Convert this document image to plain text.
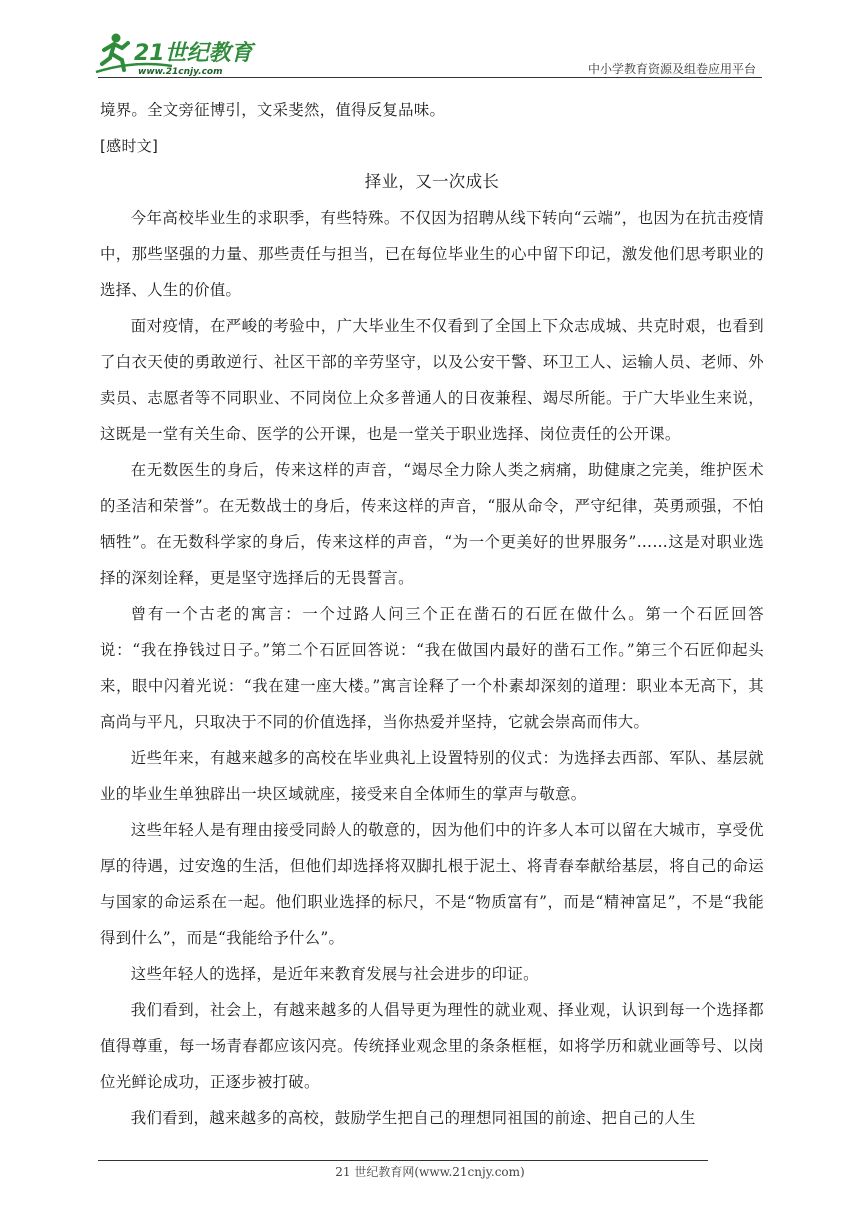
21世纪教育
www.21cnjy.com	中小学教育资源及组卷应用平台

境界。全文旁征博引，文采斐然，值得反复品味。

[感时文]

择业，又一次成长

今年高校毕业生的求职季，有些特殊。不仅因为招聘从线下转向“云端”，也因为在抗击疫情中，那些坚强的力量、那些责任与担当，已在每位毕业生的心中留下印记，激发他们思考职业的选择、人生的价值。

面对疫情，在严峻的考验中，广大毕业生不仅看到了全国上下众志成城、共克时艰，也看到了白衣天使的勇敢逆行、社区干部的辛劳坚守，以及公安干警、环卫工人、运输人员、老师、外卖员、志愿者等不同职业、不同岗位上众多普通人的日夜兼程、竭尽所能。于广大毕业生来说，这既是一堂有关生命、医学的公开课，也是一堂关于职业选择、岗位责任的公开课。

在无数医生的身后，传来这样的声音，“竭尽全力除人类之病痛，助健康之完美，维护医术的圣洁和荣誉”。在无数战士的身后，传来这样的声音，“服从命令，严守纪律，英勇顽强，不怕牺牲”。在无数科学家的身后，传来这样的声音，“为一个更美好的世界服务”……这是对职业选择的深刻诠释，更是坚守选择后的无畏誓言。

曾有一个古老的寓言：一个过路人问三个正在凿石的石匠在做什么。第一个石匠回答说：“我在挣钱过日子。”第二个石匠回答说：“我在做国内最好的凿石工作。”第三个石匠仰起头来，眼中闪着光说：“我在建一座大楼。”寓言诠释了一个朴素却深刻的道理：职业本无高下，其高尚与平凡，只取决于不同的价值选择，当你热爱并坚持，它就会崇高而伟大。

近些年来，有越来越多的高校在毕业典礼上设置特别的仪式：为选择去西部、军队、基层就业的毕业生单独辟出一块区域就座，接受来自全体师生的掌声与敬意。

这些年轻人是有理由接受同龄人的敬意的，因为他们中的许多人本可以留在大城市，享受优厚的待遇，过安逸的生活，但他们却选择将双脚扎根于泥土、将青春奉献给基层，将自己的命运与国家的命运系在一起。他们职业选择的标尺，不是“物质富有”，而是“精神富足”，不是“我能得到什么”，而是“我能给予什么”。

这些年轻人的选择，是近年来教育发展与社会进步的印证。

我们看到，社会上，有越来越多的人倡导更为理性的就业观、择业观，认识到每一个选择都值得尊重，每一场青春都应该闪亮。传统择业观念里的条条框框，如将学历和就业画等号、以岗位光鲜论成功，正逐步被打破。

我们看到，越来越多的高校，鼓励学生把自己的理想同祖国的前途、把自己的人生

21 世纪教育网(www.21cnjy.com)
